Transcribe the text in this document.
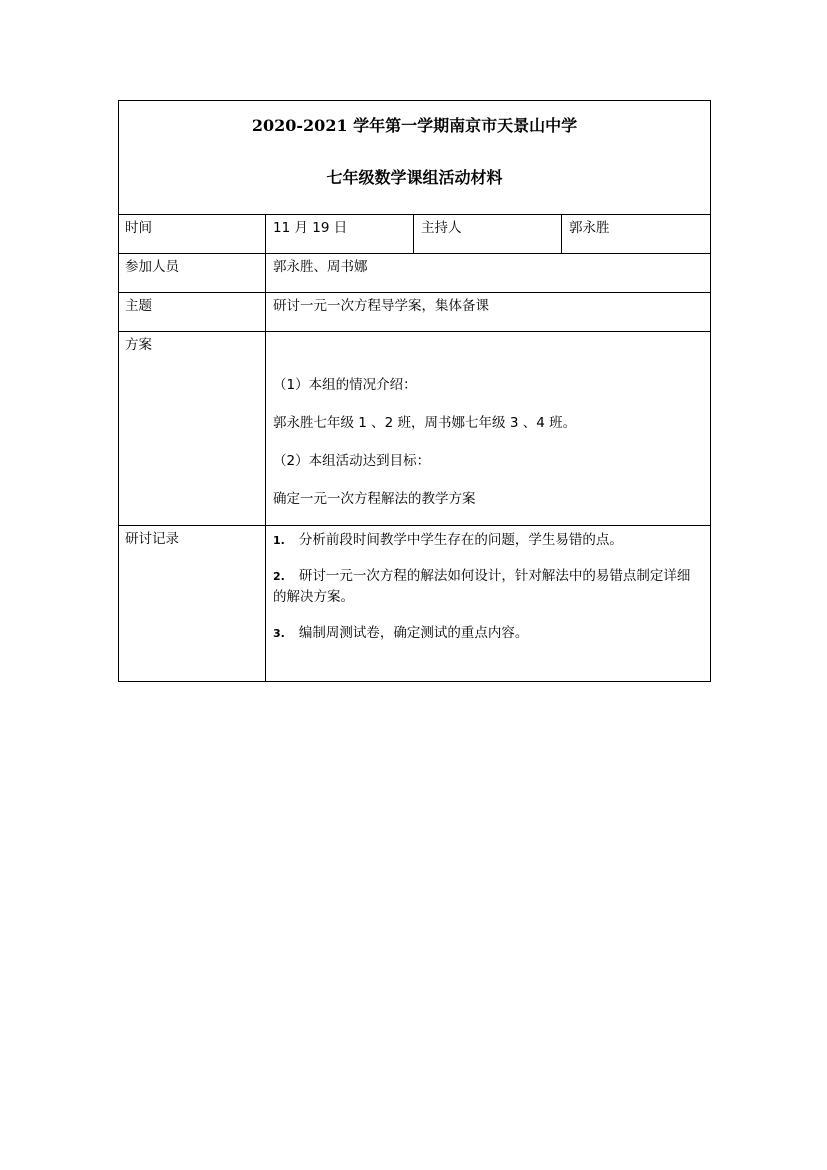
2020-2021 学年第一学期南京市天景山中学
七年级数学课组活动材料			

时间	11 月 19 日	主持人	郭永胜
参加人员	郭永胜、周书娜		
主题	研讨一元一次方程导学案，集体备课		
方案	（1）本组的情况介绍：
郭永胜七年级 1 、2 班，周书娜七年级 3 、4 班。
（2）本组活动达到目标：
确定一元一次方程解法的教学方案		

研讨记录	1. 分析前段时间教学中学生存在的问题，学生易错的点。
2. 研讨一元一次方程的解法如何设计，针对解法中的易错点制定详细的解决方案。
3. 编制周测试卷，确定测试的重点内容。		
